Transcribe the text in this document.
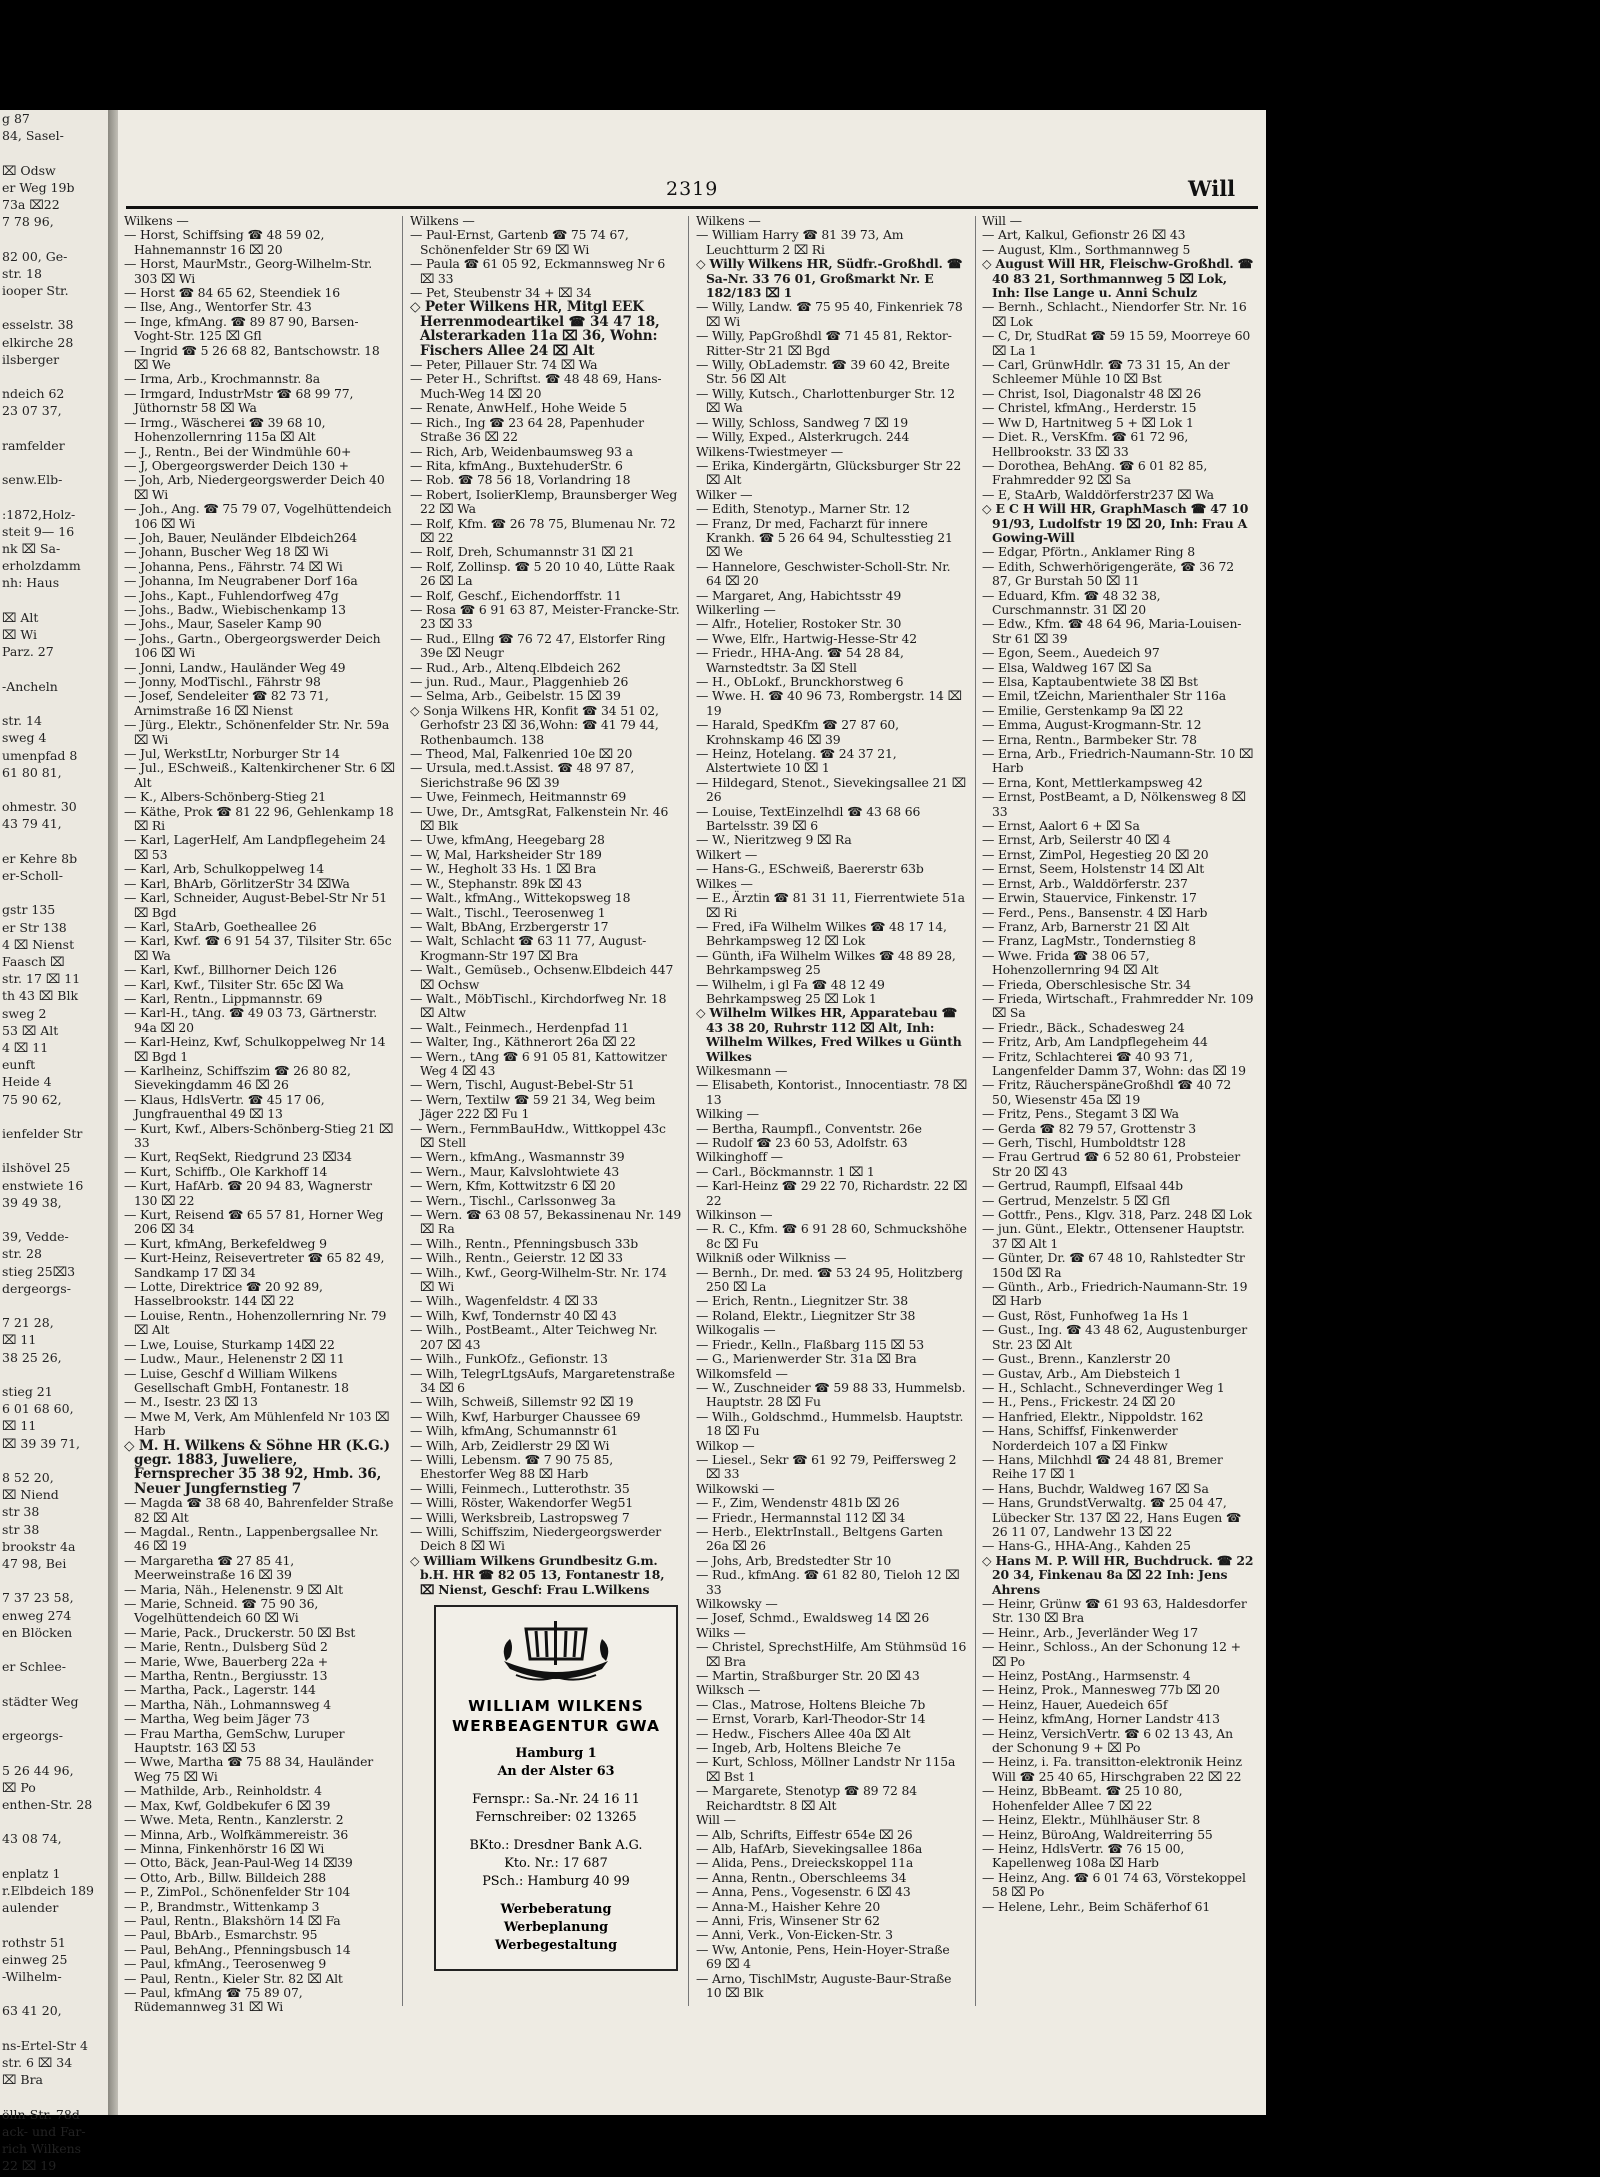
g 87
84, Sasel-

⌧ Odsw
er Weg 19b
73a ⌧22
7 78 96,

82 00, Ge-
str. 18
iooper Str.

esselstr. 38
elkirche 28
ilsberger

ndeich 62
23 07 37,

ramfelder

senw.Elb-

:1872,Holz-
steit 9— 16
nk ⌧ Sa-
erholzdamm
nh: Haus

⌧ Alt
⌧ Wi
Parz. 27

-Ancheln

str. 14
sweg 4
umenpfad 8
61 80 81,

ohmestr. 30
43 79 41,

er Kehre 8b
er-Scholl-

gstr 135
er Str 138
4 ⌧ Nienst
Faasch ⌧
str. 17 ⌧ 11
th 43 ⌧ Blk
sweg 2
53 ⌧ Alt
4 ⌧ 11
eunft
Heide 4
75 90 62,

ienfelder Str

ilshövel 25
enstwiete 16
39 49 38,

39, Vedde-
str. 28
stieg 25⌧3
dergeorgs-

7 21 28,
⌧ 11
38 25 26,

stieg 21
6 01 68 60,
⌧ 11
⌧ 39 39 71,

8 52 20,
⌧ Niend
str 38
str 38
brookstr 4a
47 98, Bei

7 37 23 58,
enweg 274
en Blöcken

er Schlee-

städter Weg

ergeorgs-

5 26 44 96,
⌧ Po
enthen-Str. 28

43 08 74,

enplatz 1
r.Elbdeich 189
aulender

rothstr 51
einweg 25
-Wilhelm-

63 41 20,

ns-Ertel-Str 4
str. 6 ⌧ 34
⌧ Bra

ölln-Str. 78d
ack- und Far-
rich Wilkens
22 ⌧ 19
2319	Will
Wilkens —
— Horst, Schiffsing ☎ 48 59 02, Hahnemannstr 16 ⌧ 20
— Horst, MaurMstr., Georg-Wilhelm-Str. 303 ⌧ Wi
— Horst ☎ 84 65 62, Steendiek 16
— Ilse, Ang., Wentorfer Str. 43
— Inge, kfmAng. ☎ 89 87 90, Barsen-Voght-Str. 125 ⌧ Gfl
— Ingrid ☎ 5 26 68 82, Bantschowstr. 18 ⌧ We
— Irma, Arb., Krochmannstr. 8a
— Irmgard, IndustrMstr ☎ 68 99 77, Jüthornstr 58 ⌧ Wa
— Irmg., Wäscherei ☎ 39 68 10, Hohenzollernring 115a ⌧ Alt
— J., Rentn., Bei der Windmühle 60+
— J, Obergeorgswerder Deich 130 +
— Joh, Arb, Niedergeorgswerder Deich 40 ⌧ Wi
— Joh., Ang. ☎ 75 79 07, Vogelhüttendeich 106 ⌧ Wi
— Joh, Bauer, Neuländer Elbdeich264
— Johann, Buscher Weg 18 ⌧ Wi
— Johanna, Pens., Fährstr. 74 ⌧ Wi
— Johanna, Im Neugrabener Dorf 16a
— Johs., Kapt., Fuhlendorfweg 47g
— Johs., Badw., Wiebischenkamp 13
— Johs., Maur, Saseler Kamp 90
— Johs., Gartn., Obergeorgswerder Deich 106 ⌧ Wi
— Jonni, Landw., Hauländer Weg 49
— Jonny, ModTischl., Fährstr 98
— Josef, Sendeleiter ☎ 82 73 71, Arnimstraße 16 ⌧ Nienst
— Jürg., Elektr., Schönenfelder Str. Nr. 59a ⌧ Wi
— Jul, WerkstLtr, Norburger Str 14
— Jul., ESchweiß., Kaltenkirchener Str. 6 ⌧ Alt
— K., Albers-Schönberg-Stieg 21
— Käthe, Prok ☎ 81 22 96, Gehlenkamp 18 ⌧ Ri
— Karl, LagerHelf, Am Landpflegeheim 24 ⌧ 53
— Karl, Arb, Schulkoppelweg 14
— Karl, BhArb, GörlitzerStr 34 ⌧Wa
— Karl, Schneider, August-Bebel-Str Nr 51 ⌧ Bgd
— Karl, StaArb, Goetheallee 26
— Karl, Kwf. ☎ 6 91 54 37, Tilsiter Str. 65c ⌧ Wa
— Karl, Kwf., Billhorner Deich 126
— Karl, Kwf., Tilsiter Str. 65c ⌧ Wa
— Karl, Rentn., Lippmannstr. 69
— Karl-H., tAng. ☎ 49 03 73, Gärtnerstr. 94a ⌧ 20
— Karl-Heinz, Kwf, Schulkoppelweg Nr 14 ⌧ Bgd 1
— Karlheinz, Schiffszim ☎ 26 80 82, Sievekingdamm 46 ⌧ 26
— Klaus, HdlsVertr. ☎ 45 17 06, Jungfrauenthal 49 ⌧ 13
— Kurt, Kwf., Albers-Schönberg-Stieg 21 ⌧ 33
— Kurt, ReqSekt, Riedgrund 23 ⌧34
— Kurt, Schiffb., Ole Karkhoff 14
— Kurt, HafArb. ☎ 20 94 83, Wagnerstr 130 ⌧ 22
— Kurt, Reisend ☎ 65 57 81, Horner Weg 206 ⌧ 34
— Kurt, kfmAng, Berkefeldweg 9
— Kurt-Heinz, Reisevertreter ☎ 65 82 49, Sandkamp 17 ⌧ 34
— Lotte, Direktrice ☎ 20 92 89, Hasselbrookstr. 144 ⌧ 22
— Louise, Rentn., Hohenzollernring Nr. 79 ⌧ Alt
— Lwe, Louise, Sturkamp 14⌧ 22
— Ludw., Maur., Helenenstr 2 ⌧ 11
— Luise, Geschf d William Wilkens Gesellschaft GmbH, Fontanestr. 18
— M., Isestr. 23 ⌧ 13
— Mwe M, Verk, Am Mühlenfeld Nr 103 ⌧ Harb
◇ M. H. Wilkens & Söhne HR (K.G.) gegr. 1883, Juweliere, Fernsprecher 35 38 92, Hmb. 36, Neuer Jungfernstieg 7
— Magda ☎ 38 68 40, Bahrenfelder Straße 82 ⌧ Alt
— Magdal., Rentn., Lappenbergsallee Nr. 46 ⌧ 19
— Margaretha ☎ 27 85 41, Meerweinstraße 16 ⌧ 39
— Maria, Näh., Helenenstr. 9 ⌧ Alt
— Marie, Schneid. ☎ 75 90 36, Vogelhüttendeich 60 ⌧ Wi
— Marie, Pack., Druckerstr. 50 ⌧ Bst
— Marie, Rentn., Dulsberg Süd 2
— Marie, Wwe, Bauerberg 22a +
— Martha, Rentn., Bergiusstr. 13
— Martha, Pack., Lagerstr. 144
— Martha, Näh., Lohmannsweg 4
— Martha, Weg beim Jäger 73
— Frau Martha, GemSchw, Luruper Hauptstr. 163 ⌧ 53
— Wwe, Martha ☎ 75 88 34, Hauländer Weg 75 ⌧ Wi
— Mathilde, Arb., Reinholdstr. 4
— Max, Kwf, Goldbekufer 6 ⌧ 39
— Wwe. Meta, Rentn., Kanzlerstr. 2
— Minna, Arb., Wolfkämmereistr. 36
— Minna, Finkenhörstr 16 ⌧ Wi
— Otto, Bäck, Jean-Paul-Weg 14 ⌧39
— Otto, Arb., Billw. Billdeich 288
— P., ZimPol., Schönenfelder Str 104
— P., Brandmstr., Wittenkamp 3
— Paul, Rentn., Blakshörn 14 ⌧ Fa
— Paul, BbArb., Esmarchstr. 95
— Paul, BehAng., Pfenningsbusch 14
— Paul, kfmAng., Teerosenweg 9
— Paul, Rentn., Kieler Str. 82 ⌧ Alt
— Paul, kfmAng ☎ 75 89 07, Rüdemannweg 31 ⌧ Wi
Wilkens —
— Paul-Ernst, Gartenb ☎ 75 74 67, Schönenfelder Str 69 ⌧ Wi
— Paula ☎ 61 05 92, Eckmannsweg Nr 6 ⌧ 33
— Pet, Steubenstr 34 + ⌧ 34
◇ Peter Wilkens HR, Mitgl EEK Herrenmodeartikel ☎ 34 47 18, Alsterarkaden 11a ⌧ 36, Wohn: Fischers Allee 24 ⌧ Alt
— Peter, Pillauer Str. 74 ⌧ Wa
— Peter H., Schriftst. ☎ 48 48 69, Hans-Much-Weg 14 ⌧ 20
— Renate, AnwHelf., Hohe Weide 5
— Rich., Ing ☎ 23 64 28, Papenhuder Straße 36 ⌧ 22
— Rich, Arb, Weidenbaumsweg 93 a
— Rita, kfmAng., BuxtehuderStr. 6
— Rob. ☎ 78 56 18, Vorlandring 18
— Robert, IsolierKlemp, Braunsberger Weg 22 ⌧ Wa
— Rolf, Kfm. ☎ 26 78 75, Blumenau Nr. 72 ⌧ 22
— Rolf, Dreh, Schumannstr 31 ⌧ 21
— Rolf, Zollinsp. ☎ 5 20 10 40, Lütte Raak 26 ⌧ La
— Rolf, Geschf., Eichendorffstr. 11
— Rosa ☎ 6 91 63 87, Meister-Francke-Str. 23 ⌧ 33
— Rud., Ellng ☎ 76 72 47, Elstorfer Ring 39e ⌧ Neugr
— Rud., Arb., Altenq.Elbdeich 262
— jun. Rud., Maur., Plaggenhieb 26
— Selma, Arb., Geibelstr. 15 ⌧ 39
◇ Sonja Wilkens HR, Konfit ☎ 34 51 02, Gerhofstr 23 ⌧ 36,Wohn: ☎ 41 79 44, Rothenbaumch. 138
— Theod, Mal, Falkenried 10e ⌧ 20
— Ursula, med.t.Assist. ☎ 48 97 87, Sierichstraße 96 ⌧ 39
— Uwe, Feinmech, Heitmannstr 69
— Uwe, Dr., AmtsgRat, Falkenstein Nr. 46 ⌧ Blk
— Uwe, kfmAng, Heegebarg 28
— W, Mal, Harksheider Str 189
— W., Hegholt 33 Hs. 1 ⌧ Bra
— W., Stephanstr. 89k ⌧ 43
— Walt., kfmAng., Wittekopsweg 18
— Walt., Tischl., Teerosenweg 1
— Walt, BbAng, Erzbergerstr 17
— Walt, Schlacht ☎ 63 11 77, August-Krogmann-Str 197 ⌧ Bra
— Walt., Gemüseb., Ochsenw.Elbdeich 447 ⌧ Ochsw
— Walt., MöbTischl., Kirchdorfweg Nr. 18 ⌧ Altw
— Walt., Feinmech., Herdenpfad 11
— Walter, Ing., Käthnerort 26a ⌧ 22
— Wern., tAng ☎ 6 91 05 81, Kattowitzer Weg 4 ⌧ 43
— Wern, Tischl, August-Bebel-Str 51
— Wern, Textilw ☎ 59 21 34, Weg beim Jäger 222 ⌧ Fu 1
— Wern., FernmBauHdw., Wittkoppel 43c ⌧ Stell
— Wern., kfmAng., Wasmannstr 39
— Wern., Maur, Kalvslohtwiete 43
— Wern, Kfm, Kottwitzstr 6 ⌧ 20
— Wern., Tischl., Carlssonweg 3a
— Wern. ☎ 63 08 57, Bekassinenau Nr. 149 ⌧ Ra
— Wilh., Rentn., Pfenningsbusch 33b
— Wilh., Rentn., Geierstr. 12 ⌧ 33
— Wilh., Kwf., Georg-Wilhelm-Str. Nr. 174 ⌧ Wi
— Wilh., Wagenfeldstr. 4 ⌧ 33
— Wilh, Kwf, Tondernstr 40 ⌧ 43
— Wilh., PostBeamt., Alter Teichweg Nr. 207 ⌧ 43
— Wilh., FunkOfz., Gefionstr. 13
— Wilh, TelegrLtgsAufs, Margaretenstraße 34 ⌧ 6
— Wilh, Schweiß, Sillemstr 92 ⌧ 19
— Wilh, Kwf, Harburger Chaussee 69
— Wilh, kfmAng, Schumannstr 61
— Wilh, Arb, Zeidlerstr 29 ⌧ Wi
— Willi, Lebensm. ☎ 7 90 75 85, Ehestorfer Weg 88 ⌧ Harb
— Willi, Feinmech., Lutterothstr. 35
— Willi, Röster, Wakendorfer Weg51
— Willi, Werksbreib, Lastropsweg 7
— Willi, Schiffszim, Niedergeorgswerder Deich 8 ⌧ Wi
◇ William Wilkens Grundbesitz G.m. b.H. HR ☎ 82 05 13, Fontanestr 18, ⌧ Nienst, Geschf: Frau L.Wilkens
WILLIAM WILKENS
WERBEAGENTUR GWA
Hamburg 1
An der Alster 63
Fernspr.: Sa.-Nr. 24 16 11
Fernschreiber: 02 13265
BKto.: Dresdner Bank A.G.
Kto. Nr.: 17 687
PSch.: Hamburg 40 99
Werbeberatung
Werbeplanung
Werbegestaltung
Wilkens —
— William Harry ☎ 81 39 73, Am Leuchtturm 2 ⌧ Ri
◇ Willy Wilkens HR, Südfr.-Großhdl. ☎ Sa-Nr. 33 76 01, Großmarkt Nr. E 182/183 ⌧ 1
— Willy, Landw. ☎ 75 95 40, Finkenriek 78 ⌧ Wi
— Willy, PapGroßhdl ☎ 71 45 81, Rektor-Ritter-Str 21 ⌧ Bgd
— Willy, ObLademstr. ☎ 39 60 42, Breite Str. 56 ⌧ Alt
— Willy, Kutsch., Charlottenburger Str. 12 ⌧ Wa
— Willy, Schloss, Sandweg 7 ⌧ 19
— Willy, Exped., Alsterkrugch. 244
Wilkens-Twiestmeyer —
— Erika, Kindergärtn, Glücksburger Str 22 ⌧ Alt
Wilker —
— Edith, Stenotyp., Marner Str. 12
— Franz, Dr med, Facharzt für innere Krankh. ☎ 5 26 64 94, Schultesstieg 21 ⌧ We
— Hannelore, Geschwister-Scholl-Str. Nr. 64 ⌧ 20
— Margaret, Ang, Habichtsstr 49
Wilkerling —
— Alfr., Hotelier, Rostoker Str. 30
— Wwe, Elfr., Hartwig-Hesse-Str 42
— Friedr., HHA-Ang. ☎ 54 28 84, Warnstedtstr. 3a ⌧ Stell
— H., ObLokf., Brunckhorstweg 6
— Wwe. H. ☎ 40 96 73, Rombergstr. 14 ⌧ 19
— Harald, SpedKfm ☎ 27 87 60, Krohnskamp 46 ⌧ 39
— Heinz, Hotelang. ☎ 24 37 21, Alstertwiete 10 ⌧ 1
— Hildegard, Stenot., Sievekingsallee 21 ⌧ 26
— Louise, TextEinzelhdl ☎ 43 68 66 Bartelsstr. 39 ⌧ 6
— W., Nieritzweg 9 ⌧ Ra
Wilkert —
— Hans-G., ESchweiß, Baererstr 63b
Wilkes —
— E., Ärztin ☎ 81 31 11, Fierrentwiete 51a ⌧ Ri
— Fred, iFa Wilhelm Wilkes ☎ 48 17 14, Behrkampsweg 12 ⌧ Lok
— Günth, iFa Wilhelm Wilkes ☎ 48 89 28, Behrkampsweg 25
— Wilhelm, i gl Fa ☎ 48 12 49 Behrkampsweg 25 ⌧ Lok 1
◇ Wilhelm Wilkes HR, Apparatebau ☎ 43 38 20, Ruhrstr 112 ⌧ Alt, Inh: Wilhelm Wilkes, Fred Wilkes u Günth Wilkes
Wilkesmann —
— Elisabeth, Kontorist., Innocentiastr. 78 ⌧ 13
Wilking —
— Bertha, Raumpfl., Conventstr. 26e
— Rudolf ☎ 23 60 53, Adolfstr. 63
Wilkinghoff —
— Carl., Böckmannstr. 1 ⌧ 1
— Karl-Heinz ☎ 29 22 70, Richardstr. 22 ⌧ 22
Wilkinson —
— R. C., Kfm. ☎ 6 91 28 60, Schmuckshöhe 8c ⌧ Fu
Wilkniß oder Wilkniss —
— Bernh., Dr. med. ☎ 53 24 95, Holitzberg 250 ⌧ La
— Erich, Rentn., Liegnitzer Str. 38
— Roland, Elektr., Liegnitzer Str 38
Wilkogalis —
— Friedr., Kelln., Flaßbarg 115 ⌧ 53
— G., Marienwerder Str. 31a ⌧ Bra
Wilkomsfeld —
— W., Zuschneider ☎ 59 88 33, Hummelsb. Hauptstr. 28 ⌧ Fu
— Wilh., Goldschmd., Hummelsb. Hauptstr. 18 ⌧ Fu
Wilkop —
— Liesel., Sekr ☎ 61 92 79, Peiffersweg 2 ⌧ 33
Wilkowski —
— F., Zim, Wendenstr 481b ⌧ 26
— Friedr., Hermannstal 112 ⌧ 34
— Herb., ElektrInstall., Beltgens Garten 26a ⌧ 26
— Johs, Arb, Bredstedter Str 10
— Rud., kfmAng. ☎ 61 82 80, Tieloh 12 ⌧ 33
Wilkowsky —
— Josef, Schmd., Ewaldsweg 14 ⌧ 26
Wilks —
— Christel, SprechstHilfe, Am Stühmsüd 16 ⌧ Bra
— Martin, Straßburger Str. 20 ⌧ 43
Wilksch —
— Clas., Matrose, Holtens Bleiche 7b
— Ernst, Vorarb, Karl-Theodor-Str 14
— Hedw., Fischers Allee 40a ⌧ Alt
— Ingeb, Arb, Holtens Bleiche 7e
— Kurt, Schloss, Möllner Landstr Nr 115a ⌧ Bst 1
— Margarete, Stenotyp ☎ 89 72 84 Reichardtstr. 8 ⌧ Alt
Will —
— Alb, Schrifts, Eiffestr 654e ⌧ 26
— Alb, HafArb, Sievekingsallee 186a
— Alida, Pens., Dreieckskoppel 11a
— Anna, Rentn., Oberschleems 34
— Anna, Pens., Vogesenstr. 6 ⌧ 43
— Anna-M., Haisher Kehre 20
— Anni, Fris, Winsener Str 62
— Anni, Verk., Von-Eicken-Str. 3
— Ww, Antonie, Pens, Hein-Hoyer-Straße 69 ⌧ 4
— Arno, TischlMstr, Auguste-Baur-Straße 10 ⌧ Blk
Will —
— Art, Kalkul, Gefionstr 26 ⌧ 43
— August, Klm., Sorthmannweg 5
◇ August Will HR, Fleischw-Großhdl. ☎ 40 83 21, Sorthmannweg 5 ⌧ Lok, Inh: Ilse Lange u. Anni Schulz
— Bernh., Schlacht., Niendorfer Str. Nr. 16 ⌧ Lok
— C, Dr, StudRat ☎ 59 15 59, Moorreye 60 ⌧ La 1
— Carl, GrünwHdlr. ☎ 73 31 15, An der Schleemer Mühle 10 ⌧ Bst
— Christ, Isol, Diagonalstr 48 ⌧ 26
— Christel, kfmAng., Herderstr. 15
— Ww D, Hartnitweg 5 + ⌧ Lok 1
— Diet. R., VersKfm. ☎ 61 72 96, Hellbrookstr. 33 ⌧ 33
— Dorothea, BehAng. ☎ 6 01 82 85, Frahmredder 92 ⌧ Sa
— E, StaArb, Walddörferstr237 ⌧ Wa
◇ E C H Will HR, GraphMasch ☎ 47 10 91/93, Ludolfstr 19 ⌧ 20, Inh: Frau A Gowing-Will
— Edgar, Pförtn., Anklamer Ring 8
— Edith, Schwerhörigengeräte, ☎ 36 72 87, Gr Burstah 50 ⌧ 11
— Eduard, Kfm. ☎ 48 32 38, Curschmannstr. 31 ⌧ 20
— Edw., Kfm. ☎ 48 64 96, Maria-Louisen-Str 61 ⌧ 39
— Egon, Seem., Auedeich 97
— Elsa, Waldweg 167 ⌧ Sa
— Elsa, Kaptaubentwiete 38 ⌧ Bst
— Emil, tZeichn, Marienthaler Str 116a
— Emilie, Gerstenkamp 9a ⌧ 22
— Emma, August-Krogmann-Str. 12
— Erna, Rentn., Barmbeker Str. 78
— Erna, Arb., Friedrich-Naumann-Str. 10 ⌧ Harb
— Erna, Kont, Mettlerkampsweg 42
— Ernst, PostBeamt, a D, Nölkensweg 8 ⌧ 33
— Ernst, Aalort 6 + ⌧ Sa
— Ernst, Arb, Seilerstr 40 ⌧ 4
— Ernst, ZimPol, Hegestieg 20 ⌧ 20
— Ernst, Seem, Holstenstr 14 ⌧ Alt
— Ernst, Arb., Walddörferstr. 237
— Erwin, Stauervice, Finkenstr. 17
— Ferd., Pens., Bansenstr. 4 ⌧ Harb
— Franz, Arb, Barnerstr 21 ⌧ Alt
— Franz, LagMstr., Tondernstieg 8
— Wwe. Frida ☎ 38 06 57, Hohenzollernring 94 ⌧ Alt
— Frieda, Oberschlesische Str. 34
— Frieda, Wirtschaft., Frahmredder Nr. 109 ⌧ Sa
— Friedr., Bäck., Schadesweg 24
— Fritz, Arb, Am Landpflegeheim 44
— Fritz, Schlachterei ☎ 40 93 71, Langenfelder Damm 37, Wohn: das ⌧ 19
— Fritz, RäucherspäneGroßhdl ☎ 40 72 50, Wiesenstr 45a ⌧ 19
— Fritz, Pens., Stegamt 3 ⌧ Wa
— Gerda ☎ 82 79 57, Grottenstr 3
— Gerh, Tischl, Humboldtstr 128
— Frau Gertrud ☎ 6 52 80 61, Probsteier Str 20 ⌧ 43
— Gertrud, Raumpfl, Elfsaal 44b
— Gertrud, Menzelstr. 5 ⌧ Gfl
— Gottfr., Pens., Klgv. 318, Parz. 248 ⌧ Lok
— jun. Günt., Elektr., Ottensener Hauptstr. 37 ⌧ Alt 1
— Günter, Dr. ☎ 67 48 10, Rahlstedter Str 150d ⌧ Ra
— Günth., Arb., Friedrich-Naumann-Str. 19 ⌧ Harb
— Gust, Röst, Funhofweg 1a Hs 1
— Gust., Ing. ☎ 43 48 62, Augustenburger Str. 23 ⌧ Alt
— Gust., Brenn., Kanzlerstr 20
— Gustav, Arb., Am Diebsteich 1
— H., Schlacht., Schneverdinger Weg 1
— H., Pens., Frickestr. 24 ⌧ 20
— Hanfried, Elektr., Nippoldstr. 162
— Hans, Schiffsf, Finkenwerder Norderdeich 107 a ⌧ Finkw
— Hans, Milchhdl ☎ 24 48 81, Bremer Reihe 17 ⌧ 1
— Hans, Buchdr, Waldweg 167 ⌧ Sa
— Hans, GrundstVerwaltg. ☎ 25 04 47, Lübecker Str. 137 ⌧ 22, Hans Eugen ☎ 26 11 07, Landwehr 13 ⌧ 22
— Hans-G., HHA-Ang., Kahden 25
◇ Hans M. P. Will HR, Buchdruck. ☎ 22 20 34, Finkenau 8a ⌧ 22 Inh: Jens Ahrens
— Heinr, Grünw ☎ 61 93 63, Haldesdorfer Str. 130 ⌧ Bra
— Heinr., Arb., Jeverländer Weg 17
— Heinr., Schloss., An der Schonung 12 + ⌧ Po
— Heinz, PostAng., Harmsenstr. 4
— Heinz, Prok., Mannesweg 77b ⌧ 20
— Heinz, Hauer, Auedeich 65f
— Heinz, kfmAng, Horner Landstr 413
— Heinz, VersichVertr. ☎ 6 02 13 43, An der Schonung 9 + ⌧ Po
— Heinz, i. Fa. transitton-elektronik Heinz Will ☎ 25 40 65, Hirschgraben 22 ⌧ 22
— Heinz, BbBeamt. ☎ 25 10 80, Hohenfelder Allee 7 ⌧ 22
— Heinz, Elektr., Mühlhäuser Str. 8
— Heinz, BüroAng, Waldreiterring 55
— Heinz, HdlsVertr. ☎ 76 15 00, Kapellenweg 108a ⌧ Harb
— Heinz, Ang. ☎ 6 01 74 63, Vörstekoppel 58 ⌧ Po
— Helene, Lehr., Beim Schäferhof 61
